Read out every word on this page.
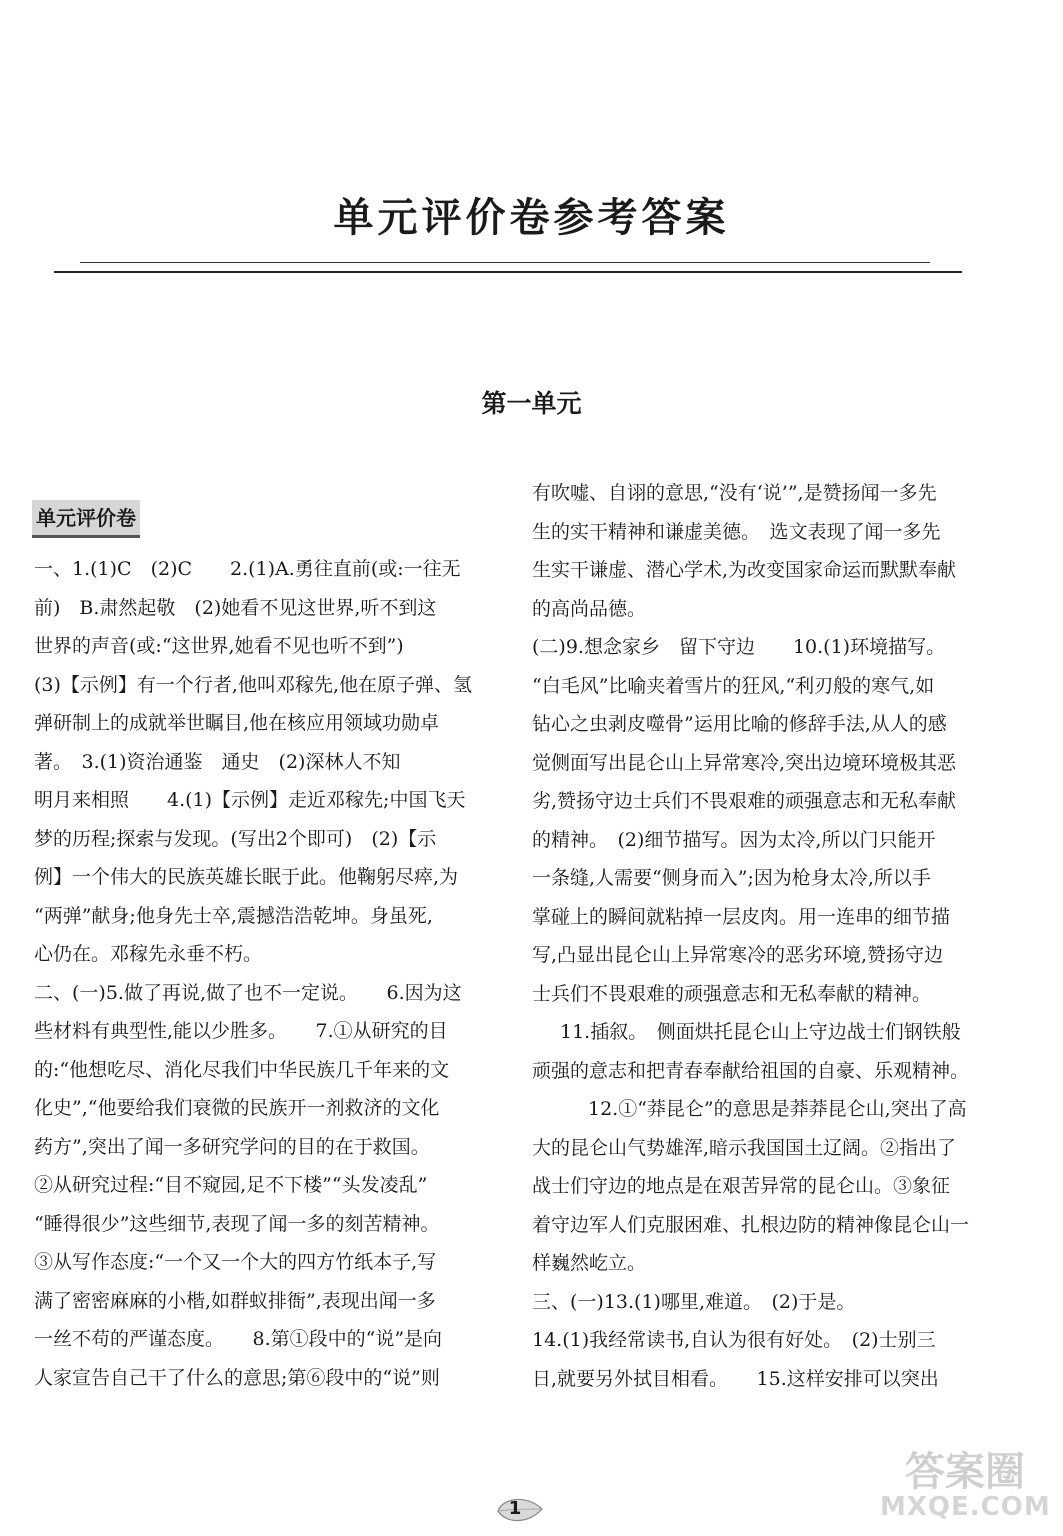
单元评价卷参考答案
第一单元
单元评价卷
一、1.(1)C　(2)C　　2.(1)A.勇往直前(或:一往无
前)　B.肃然起敬　(2)她看不见这世界,听不到这
世界的声音(或:“这世界,她看不见也听不到”)
(3)【示例】有一个行者,他叫邓稼先,他在原子弹、氢
弹研制上的成就举世瞩目,他在核应用领域功勋卓
著。　3.(1)资治通鉴　通史　(2)深林人不知
明月来相照　　4.(1)【示例】走近邓稼先;中国飞天
梦的历程;探索与发现。(写出2个即可)　(2)【示
例】一个伟大的民族英雄长眠于此。他鞠躬尽瘁,为
“两弹”献身;他身先士卒,震撼浩浩乾坤。身虽死,
心仍在。邓稼先永垂不朽。
二、(一)5.做了再说,做了也不一定说。　　6.因为这
些材料有典型性,能以少胜多。　　7.①从研究的目
的:“他想吃尽、消化尽我们中华民族几千年来的文
化史”,“他要给我们衰微的民族开一剂救济的文化
药方”,突出了闻一多研究学问的目的在于救国。
②从研究过程:“目不窥园,足不下楼”“头发凌乱”
“睡得很少”这些细节,表现了闻一多的刻苦精神。
③从写作态度:“一个又一个大的四方竹纸本子,写
满了密密麻麻的小楷,如群蚁排衙”,表现出闻一多
一丝不苟的严谨态度。　　8.第①段中的“说”是向
人家宣告自己干了什么的意思;第⑥段中的“说”则
有吹嘘、自诩的意思,“没有‘说’”,是赞扬闻一多先
生的实干精神和谦虚美德。　选文表现了闻一多先
生实干谦虚、潜心学术,为改变国家命运而默默奉献
的高尚品德。
(二)9.想念家乡　留下守边　　10.(1)环境描写。
“白毛风”比喻夹着雪片的狂风,“利刃般的寒气,如
钻心之虫剥皮噬骨”运用比喻的修辞手法,从人的感
觉侧面写出昆仑山上异常寒冷,突出边境环境极其恶
劣,赞扬守边士兵们不畏艰难的顽强意志和无私奉献
的精神。　(2)细节描写。因为太冷,所以门只能开
一条缝,人需要“侧身而入”;因为枪身太冷,所以手
掌碰上的瞬间就粘掉一层皮肉。用一连串的细节描
写,凸显出昆仑山上异常寒冷的恶劣环境,赞扬守边
士兵们不畏艰难的顽强意志和无私奉献的精神。
11.插叙。　侧面烘托昆仑山上守边战士们钢铁般
顽强的意志和把青春奉献给祖国的自豪、乐观精神。
12.①“莽昆仑”的意思是莽莽昆仑山,突出了高
大的昆仑山气势雄浑,暗示我国国土辽阔。②指出了
战士们守边的地点是在艰苦异常的昆仑山。③象征
着守边军人们克服困难、扎根边防的精神像昆仑山一
样巍然屹立。
三、(一)13.(1)哪里,难道。　(2)于是。
14.(1)我经常读书,自认为很有好处。　(2)士别三
日,就要另外拭目相看。　　15.这样安排可以突出
1
答案圈
MXQE.COM
